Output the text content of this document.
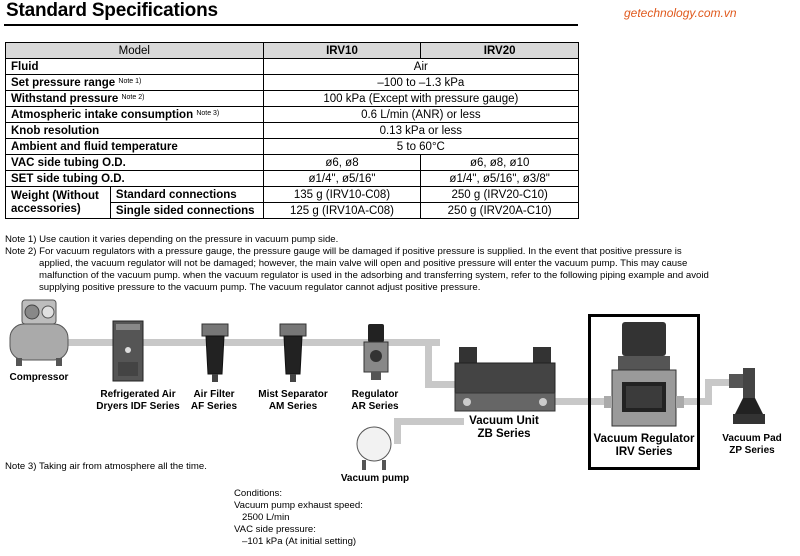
Standard Specifications	getechnology.com.vn
Model		IRV10	IRV20
Fluid		Air	
Set pressure range $^{Note 1)}$		–100 to –1.3 kPa	
Withstand pressure $^{Note 2)}$		100 kPa (Except with pressure gauge)	
Atmospheric intake consumption $^{Note 3)}$		0.6 L/min (ANR) or less	
Knob resolution		0.13 kPa or less	
Ambient and fluid temperature		5 to 60°C	
VAC side tubing O.D.		ø6, ø8	ø6, ø8, ø10
SET side tubing O.D.		ø1/4", ø5/16"	ø1/4", ø5/16", ø3/8"
Weight (Without
accessories)	Standard connections	135 g (IRV10-C08)	250 g (IRV20-C10)
	Single sided connections	125 g (IRV10A-C08)	250 g (IRV20A-C10)
Note 1) Use caution it varies depending on the pressure in vacuum pump side.
Note 2) For vacuum regulators with a pressure gauge, the pressure gauge will be damaged if positive pressure is supplied. In the event that positive pressure is
applied, the vacuum regulator will not be damaged; however, the main valve will open and positive pressure will enter the vacuum pump. This may cause
malfunction of the vacuum pump. when the vacuum regulator is used in the adsorbing and transferring system, refer to the following piping example and avoid
supplying positive pressure to the vacuum pump. The vacuum regulator cannot adjust positive pressure.
Compressor
Refrigerated Air
Dryers IDF Series
Air Filter
AF Series
Mist Separator
AM Series
Regulator
AR Series
Vacuum Unit
ZB Series
Vacuum pump
Vacuum Regulator
IRV Series
Vacuum Pad
ZP Series
Note 3) Taking air from atmosphere all the time.
Conditions:
Vacuum pump exhaust speed:
2500 L/min
VAC side pressure:
–101 kPa (At initial setting)
